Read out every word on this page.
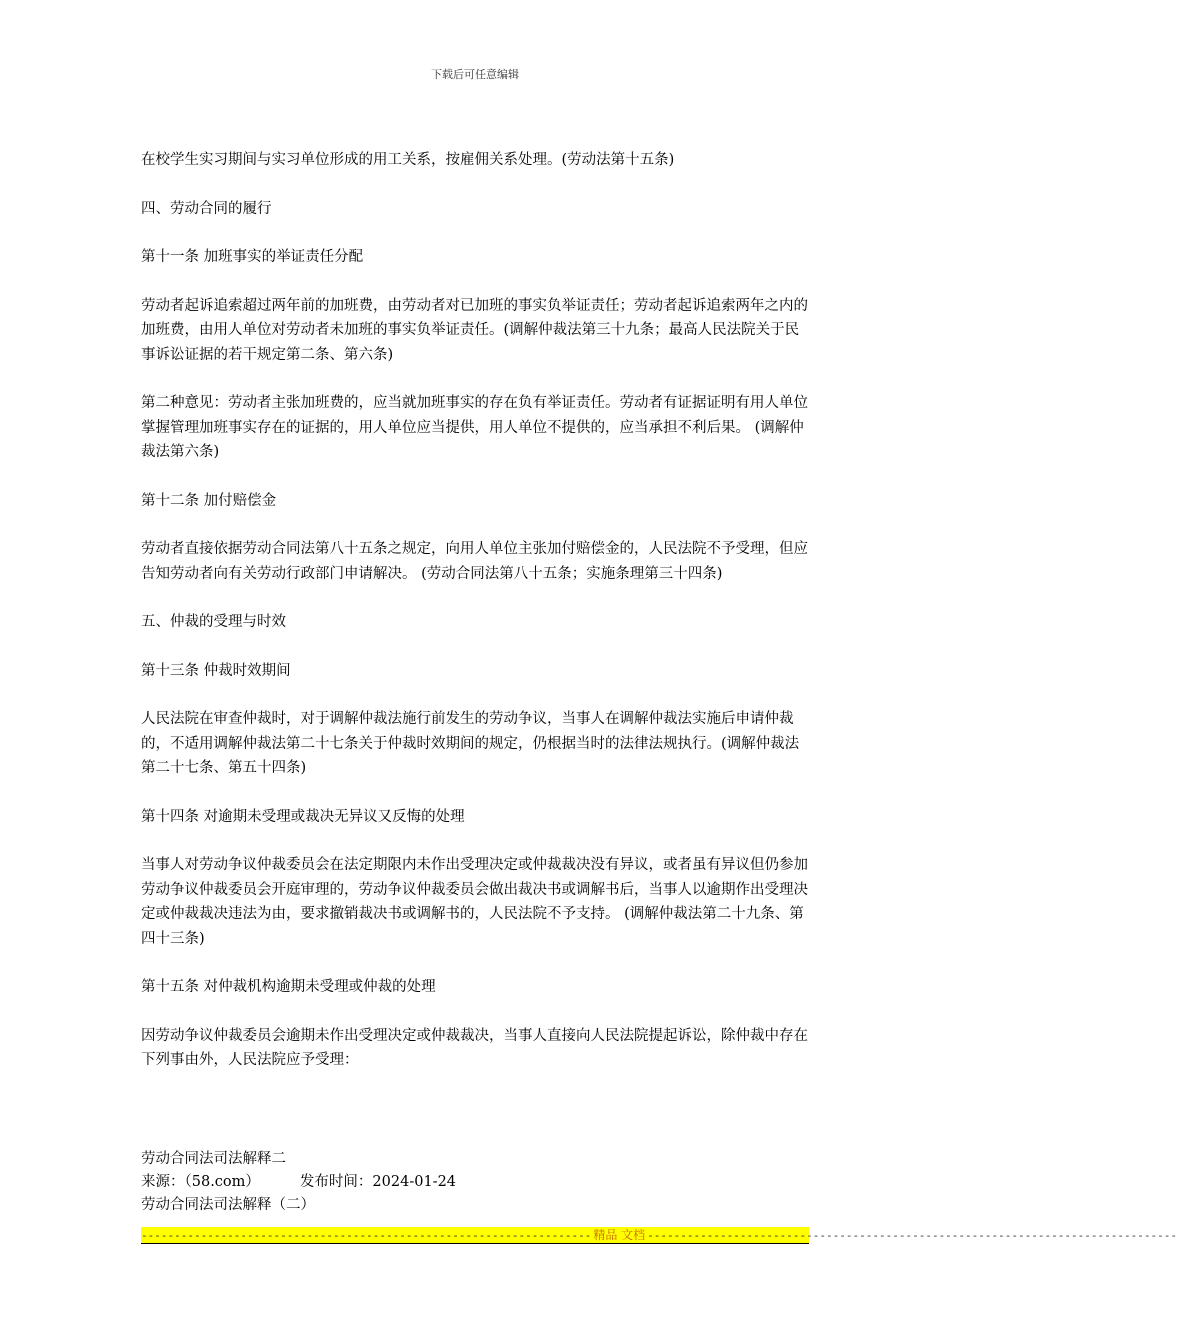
下载后可任意编辑

在校学生实习期间与实习单位形成的用工关系，按雇佣关系处理。(劳动法第十五条)

四、劳动合同的履行

第十一条 加班事实的举证责任分配

劳动者起诉追索超过两年前的加班费，由劳动者对已加班的事实负举证责任；劳动者起诉追索两年之内的加班费，由用人单位对劳动者未加班的事实负举证责任。(调解仲裁法第三十九条；最高人民法院关于民事诉讼证据的若干规定第二条、第六条)

第二种意见：劳动者主张加班费的，应当就加班事实的存在负有举证责任。劳动者有证据证明有用人单位掌握管理加班事实存在的证据的，用人单位应当提供，用人单位不提供的，应当承担不利后果。 (调解仲裁法第六条)

第十二条 加付赔偿金

劳动者直接依据劳动合同法第八十五条之规定，向用人单位主张加付赔偿金的，人民法院不予受理，但应告知劳动者向有关劳动行政部门申请解决。 (劳动合同法第八十五条；实施条理第三十四条)

五、仲裁的受理与时效

第十三条 仲裁时效期间

人民法院在审查仲裁时，对于调解仲裁法施行前发生的劳动争议，当事人在调解仲裁法实施后申请仲裁的，不适用调解仲裁法第二十七条关于仲裁时效期间的规定，仍根据当时的法律法规执行。(调解仲裁法第二十七条、第五十四条)

第十四条 对逾期未受理或裁决无异议又反悔的处理

当事人对劳动争议仲裁委员会在法定期限内未作出受理决定或仲裁裁决没有异议，或者虽有异议但仍参加劳动争议仲裁委员会开庭审理的，劳动争议仲裁委员会做出裁决书或调解书后，当事人以逾期作出受理决定或仲裁裁决违法为由，要求撤销裁决书或调解书的，人民法院不予支持。 (调解仲裁法第二十九条、第四十三条)

第十五条 对仲裁机构逾期未受理或仲裁的处理

因劳动争议仲裁委员会逾期未作出受理决定或仲裁裁决，当事人直接向人民法院提起诉讼，除仲裁中存在下列事由外，人民法院应予受理：

劳动合同法司法解释二
来源：（58.com）	发布时间：2024-01-24
劳动合同法司法解释（二）
-------------------------------------------------------------------- 精品 文档 --------------------------------------------------------------------------------
